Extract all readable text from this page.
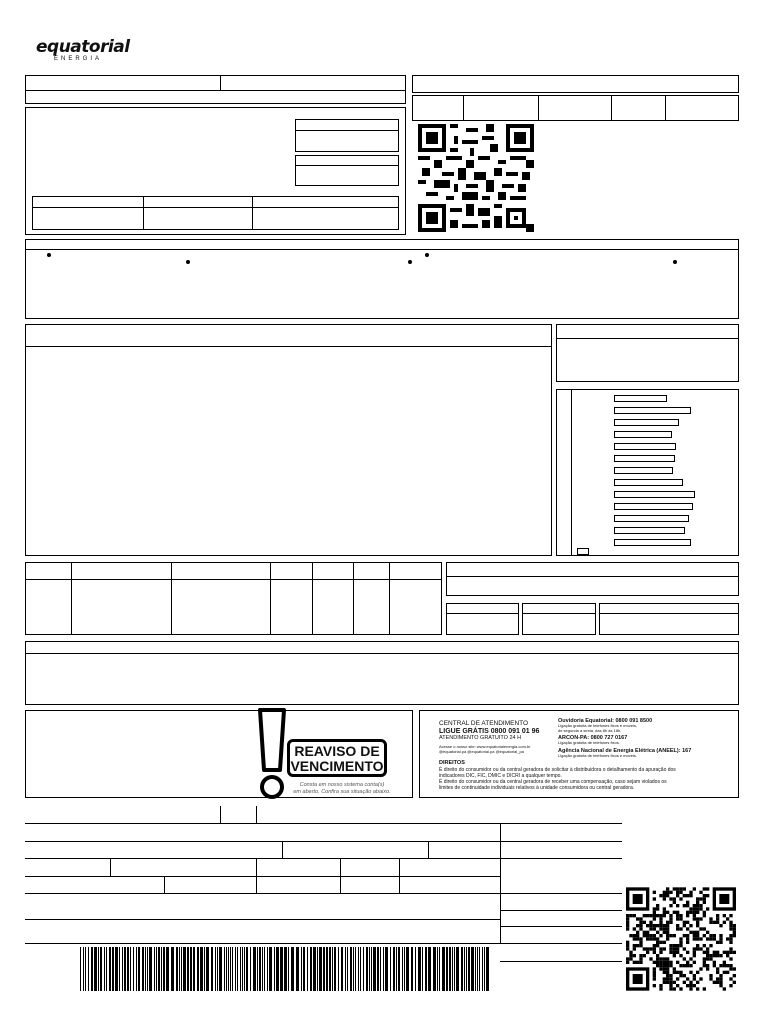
equatorial
ENERGIA
REAVISO DE
VENCIMENTO
Consta em nosso sistema conta(s)
em aberto. Confira sua situação abaixo.
CENTRAL DE ATENDIMENTO
LIGUE GRÁTIS 0800 091 01 96
ATENDIMENTO GRATUITO 24 H
Acesse o nosso site: www.equatorialenergia.com.br
@equatorial.pa @equatorial.pa @equatorial_pa
Ouvidoria Equatorial: 0800 091 8500
Ligação gratuita de telefones fixos e móveis,
de segunda a sexta, das 8h às 18h.
ARCON-PA: 0800 727 0167
Ligação gratuita de telefones fixos.
Agência Nacional de Energia Elétrica (ANEEL): 167
Ligação gratuita de telefones fixos e móveis.
DIREITOS
É direito do consumidor ou da central geradora de solicitar à distribuidora o detalhamento da apuração dos
indicadores DIC, FIC, DMIC e DICRI a qualquer tempo.
É direito do consumidor ou da central geradora de receber uma compensação, caso sejam violados os
limites de continuidade individuais relativos à unidade consumidora ou central geradora.
